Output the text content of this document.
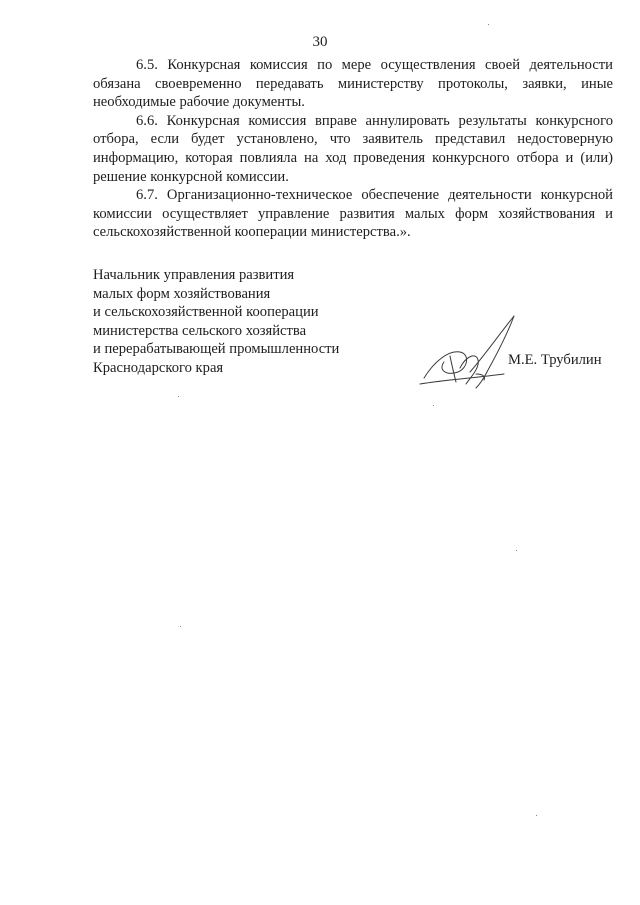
30

6.5. Конкурсная комиссия по мере осуществления своей деятельности обязана своевременно передавать министерству протоколы, заявки, иные необходимые рабочие документы.

6.6. Конкурсная комиссия вправе аннулировать результаты конкурсного отбора, если будет установлено, что заявитель представил недостоверную информацию, которая повлияла на ход проведения конкурсного отбора и (или) решение конкурсной комиссии.

6.7. Организационно-техническое обеспечение деятельности конкурсной комиссии осуществляет управление развития малых форм хозяйствования и сельскохозяйственной кооперации министерства.».

Начальник управления развития
малых форм хозяйствования
и сельскохозяйственной кооперации
министерства сельского хозяйства
и перерабатывающей промышленности
Краснодарского края	М.Е. Трубилин
